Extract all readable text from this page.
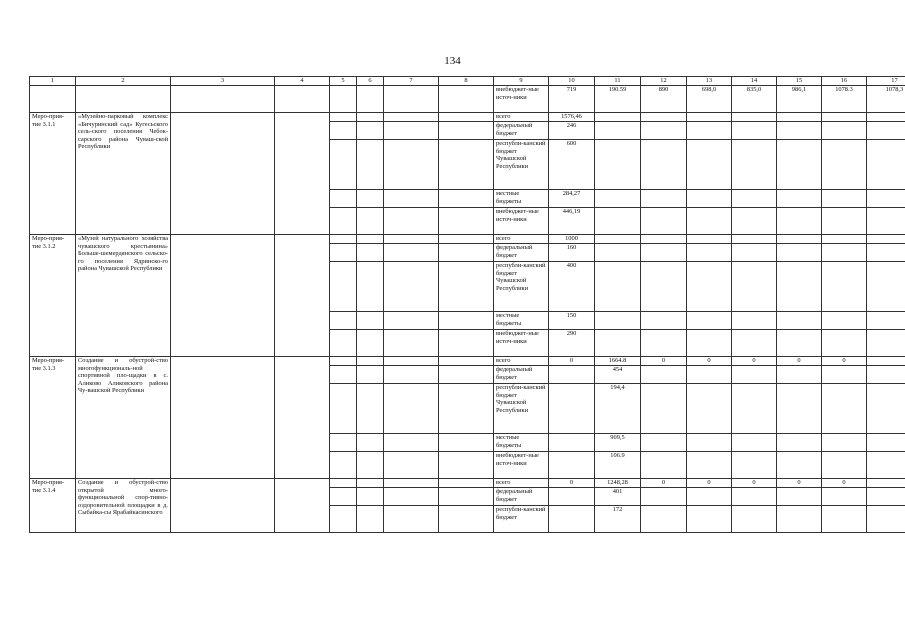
134
1	2	3	4	5	6	7	8	9	10	11	12	13	14	15	16	17
								внебюджет-ные источ-ники	719	190.59	890	698,0	835,0	986,1	1078.3	1078,3
Меро-прия-тие 3.1.1	«Музейно-парковый комплекс «Бичуринский сад» Кугесьского сель-ского поселения Чебок-сарского района Чуваш-ской Республики							всего	1576,46							
								федеральный бюджет	246							
								республи-канский бюджет Чувашской Республики	600							
								местные бюджеты	284,27							
								внебюджет-ные источ-ники	446,19							
Меро-прия-тие 3.1.2	«Музей натурального хозяйства чувашского крестьянина» Больше-шемердянского сельско-го поселения Ядринско-го района Чувашской Республики							всего	1000							
								федеральный бюджет	160							
								республи-канский бюджет Чувашской Республики	400							
								местные бюджеты	150							
								внебюджет-ные источ-ники	290							
Меро-прия-тие 3.1.3	Создание и обустрой-ство многофункциональ-ной спортивной пло-щадки в с. Аликово Аликовского района Чу-вашской Республики							всего	0	1664.8	0	0	0	0	0	
								федеральный бюджет		454						
								республи-канский бюджет Чувашской Республики		194,4						
								местные бюджеты		909,5						
								внебюджет-ные источ-ники		106.9						
Меро-прия-тие 3.1.4	Создание и обустрой-ство открытой много-функциональной спор-тивно-оздоровительной площадки в д. Сыбайка-сы Ярабайкасинского							всего	0	1248,28	0	0	0	0	0	
								федеральный бюджет		401						
								республи-канский бюджет		172						
